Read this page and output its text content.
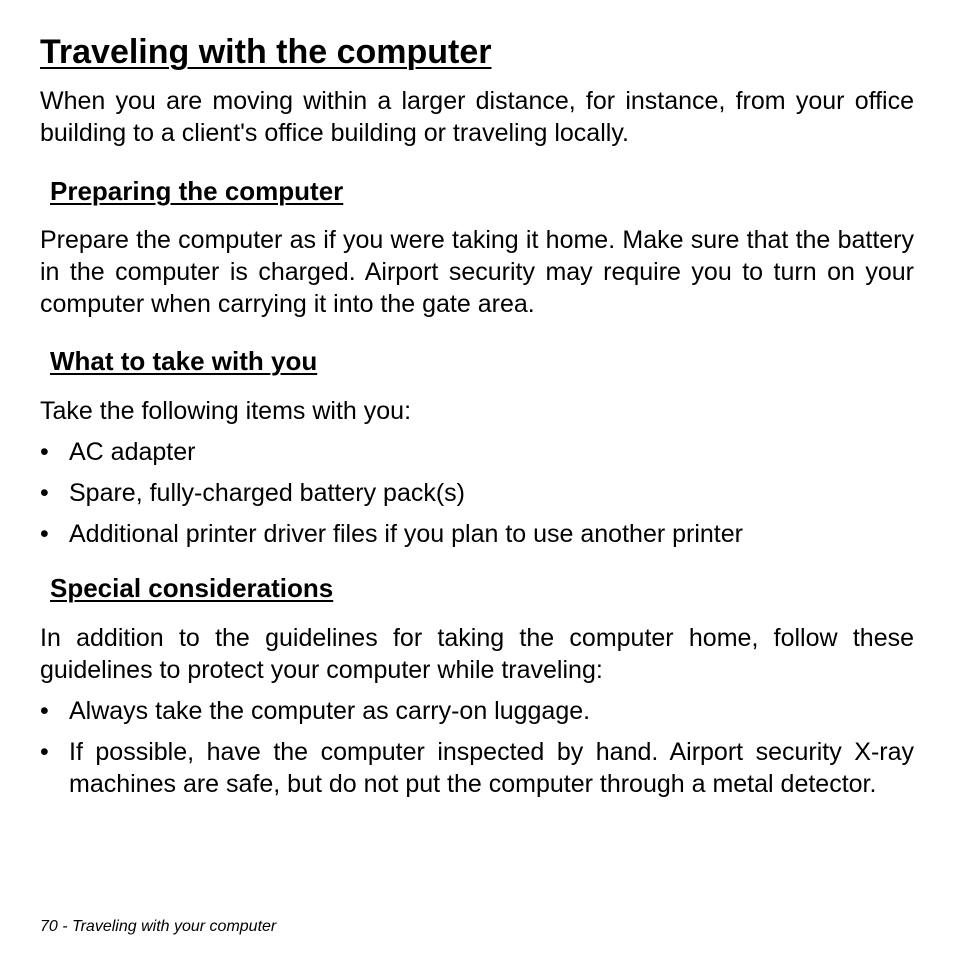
Traveling with the computer

When you are moving within a larger distance, for instance, from your office building to a client's office building or traveling locally.

Preparing the computer

Prepare the computer as if you were taking it home. Make sure that the battery in the computer is charged. Airport security may require you to turn on your computer when carrying it into the gate area.

What to take with you

Take the following items with you:

• AC adapter
• Spare, fully-charged battery pack(s)
• Additional printer driver files if you plan to use another printer
Special considerations

In addition to the guidelines for taking the computer home, follow these guidelines to protect your computer while traveling:

• Always take the computer as carry-on luggage.
• If possible, have the computer inspected by hand. Airport security X-ray machines are safe, but do not put the computer through a metal detector.
70 - Traveling with your computer
